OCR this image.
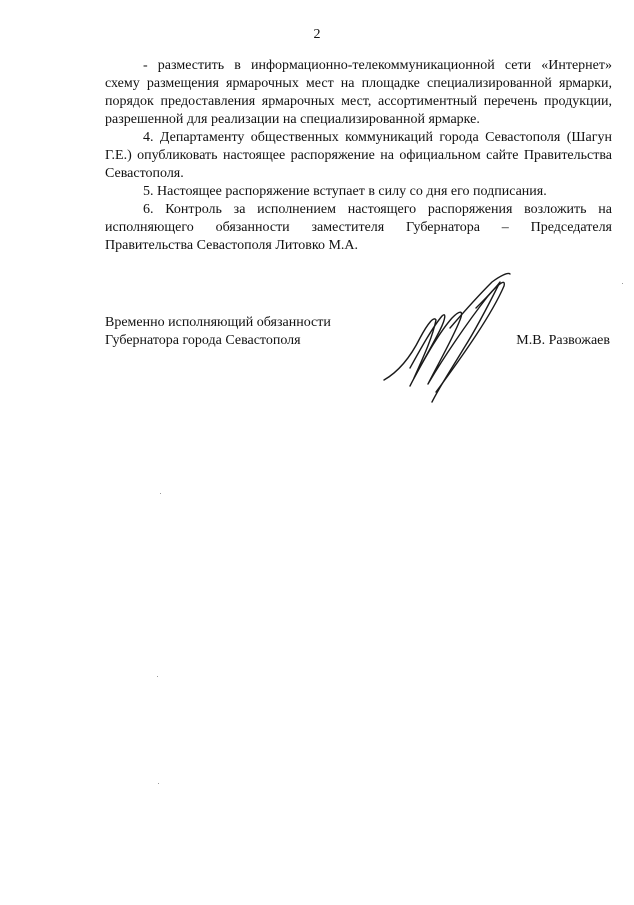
2

- разместить в информационно-телекоммуникационной сети «Интернет» схему размещения ярмарочных мест на площадке специализированной ярмарки, порядок предоставления ярмарочных мест, ассортиментный перечень продукции, разрешенной для реализации на специализированной ярмарке.

4. Департаменту общественных коммуникаций города Севастополя (Шагун Г.Е.) опубликовать настоящее распоряжение на официальном сайте Правительства Севастополя.

5. Настоящее распоряжение вступает в силу со дня его подписания.

6. Контроль за исполнением настоящего распоряжения возложить на исполняющего обязанности заместителя Губернатора – Председателя Правительства Севастополя Литовко М.А.

Временно исполняющий обязанности
Губернатора города Севастополя	М.В. Развожаев
